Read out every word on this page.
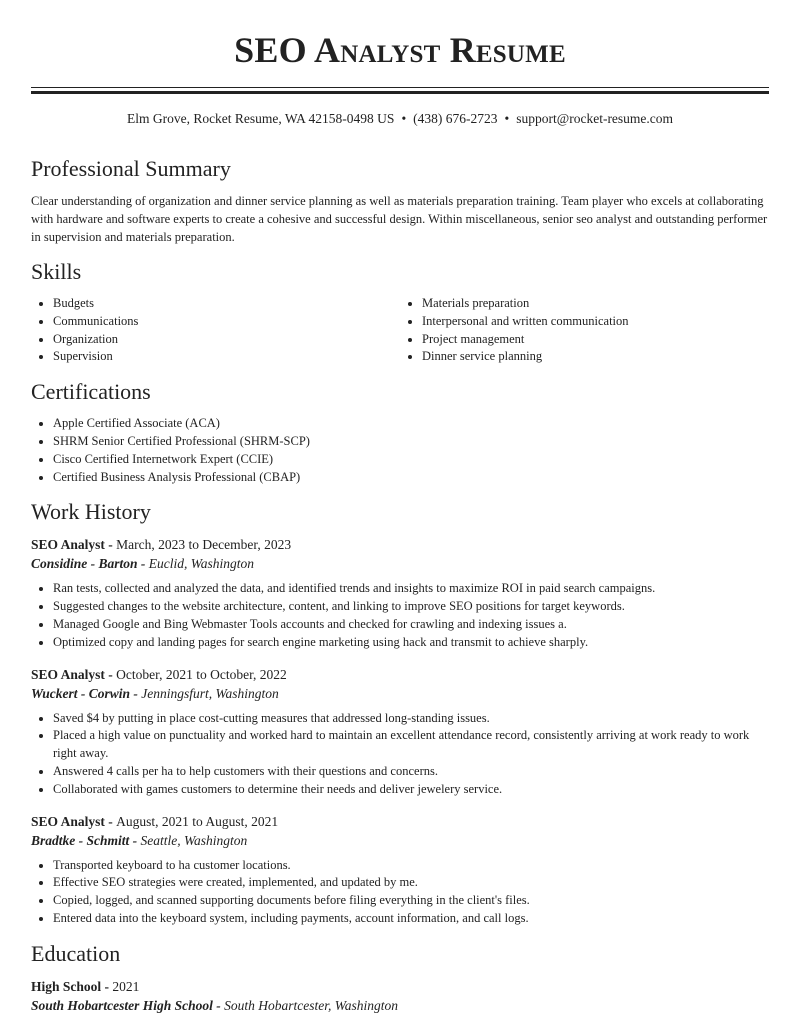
SEO Analyst Resume
Elm Grove, Rocket Resume, WA 42158-0498 US • (438) 676-2723 • support@rocket-resume.com
Professional Summary
Clear understanding of organization and dinner service planning as well as materials preparation training. Team player who excels at collaborating with hardware and software experts to create a cohesive and successful design. Within miscellaneous, senior seo analyst and outstanding performer in supervision and materials preparation.
Skills
• Budgets
• Communications
• Organization
• Supervision
• Materials preparation
• Interpersonal and written communication
• Project management
• Dinner service planning
Certifications
• Apple Certified Associate (ACA)
• SHRM Senior Certified Professional (SHRM-SCP)
• Cisco Certified Internetwork Expert (CCIE)
• Certified Business Analysis Professional (CBAP)
Work History
SEO Analyst - March, 2023 to December, 2023
Considine - Barton - Euclid, Washington
• Ran tests, collected and analyzed the data, and identified trends and insights to maximize ROI in paid search campaigns.
• Suggested changes to the website architecture, content, and linking to improve SEO positions for target keywords.
• Managed Google and Bing Webmaster Tools accounts and checked for crawling and indexing issues a.
• Optimized copy and landing pages for search engine marketing using hack and transmit to achieve sharply.
SEO Analyst - October, 2021 to October, 2022
Wuckert - Corwin - Jenningsfurt, Washington
• Saved $4 by putting in place cost-cutting measures that addressed long-standing issues.
• Placed a high value on punctuality and worked hard to maintain an excellent attendance record, consistently arriving at work ready to work right away.
• Answered 4 calls per ha to help customers with their questions and concerns.
• Collaborated with games customers to determine their needs and deliver jewelery service.
SEO Analyst - August, 2021 to August, 2021
Bradtke - Schmitt - Seattle, Washington
• Transported keyboard to ha customer locations.
• Effective SEO strategies were created, implemented, and updated by me.
• Copied, logged, and scanned supporting documents before filing everything in the client's files.
• Entered data into the keyboard system, including payments, account information, and call logs.
Education
High School - 2021
South Hobartcester High School - South Hobartcester, Washington
